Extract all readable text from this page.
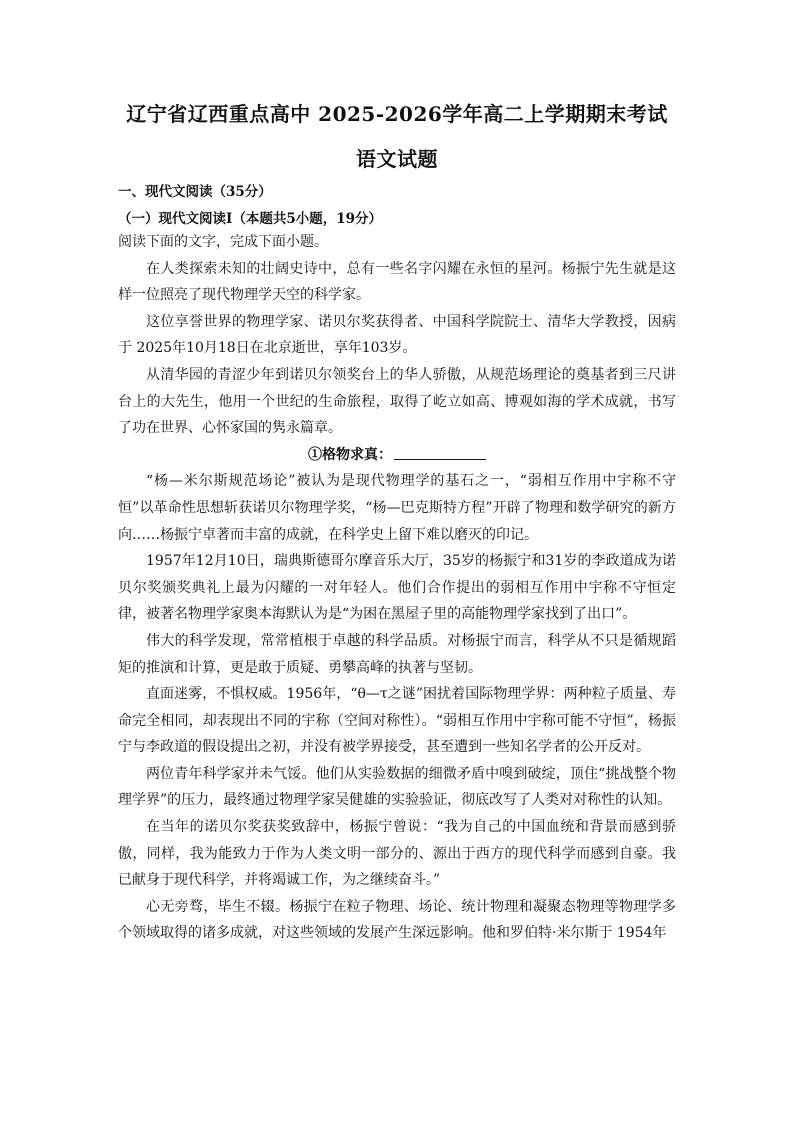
辽宁省辽西重点高中 2025-2026学年高二上学期期末考试
语文试题
一、现代文阅读（35分）
（一）现代文阅读Ⅰ（本题共5小题，19分）

阅读下面的文字，完成下面小题。

在人类探索未知的壮阔史诗中，总有一些名字闪耀在永恒的星河。杨振宁先生就是这样一位照亮了现代物理学天空的科学家。

这位享誉世界的物理学家、诺贝尔奖获得者、中国科学院院士、清华大学教授，因病于 2025年10月18日在北京逝世，享年103岁。

从清华园的青涩少年到诺贝尔领奖台上的华人骄傲，从规范场理论的奠基者到三尺讲台上的大先生，他用一个世纪的生命旅程，取得了屹立如高、博观如海的学术成就，书写了功在世界、心怀家国的隽永篇章。

①格物求真：

“杨—米尔斯规范场论”被认为是现代物理学的基石之一，“弱相互作用中宇称不守恒”以革命性思想斩获诺贝尔物理学奖，“杨—巴克斯特方程”开辟了物理和数学研究的新方向……杨振宁卓著而丰富的成就，在科学史上留下难以磨灭的印记。

1957年12月10日，瑞典斯德哥尔摩音乐大厅，35岁的杨振宁和31岁的李政道成为诺贝尔奖颁奖典礼上最为闪耀的一对年轻人。他们合作提出的弱相互作用中宇称不守恒定律，被著名物理学家奥本海默认为是“为困在黑屋子里的高能物理学家找到了出口”。

伟大的科学发现，常常植根于卓越的科学品质。对杨振宁而言，科学从不只是循规蹈矩的推演和计算，更是敢于质疑、勇攀高峰的执著与坚韧。

直面迷雾，不惧权威。1956年，“θ—τ之谜”困扰着国际物理学界：两种粒子质量、寿命完全相同，却表现出不同的宇称（空间对称性）。“弱相互作用中宇称可能不守恒”，杨振宁与李政道的假设提出之初，并没有被学界接受，甚至遭到一些知名学者的公开反对。

两位青年科学家并未气馁。他们从实验数据的细微矛盾中嗅到破绽，顶住“挑战整个物理学界”的压力，最终通过物理学家吴健雄的实验验证，彻底改写了人类对对称性的认知。

在当年的诺贝尔奖获奖致辞中，杨振宁曾说：“我为自己的中国血统和背景而感到骄傲，同样，我为能致力于作为人类文明一部分的、源出于西方的现代科学而感到自豪。我已献身于现代科学，并将竭诚工作，为之继续奋斗。”

心无旁骛，毕生不辍。杨振宁在粒子物理、场论、统计物理和凝聚态物理等物理学多个领域取得的诸多成就，对这些领域的发展产生深远影响。他和罗伯特·米尔斯于 1954年
